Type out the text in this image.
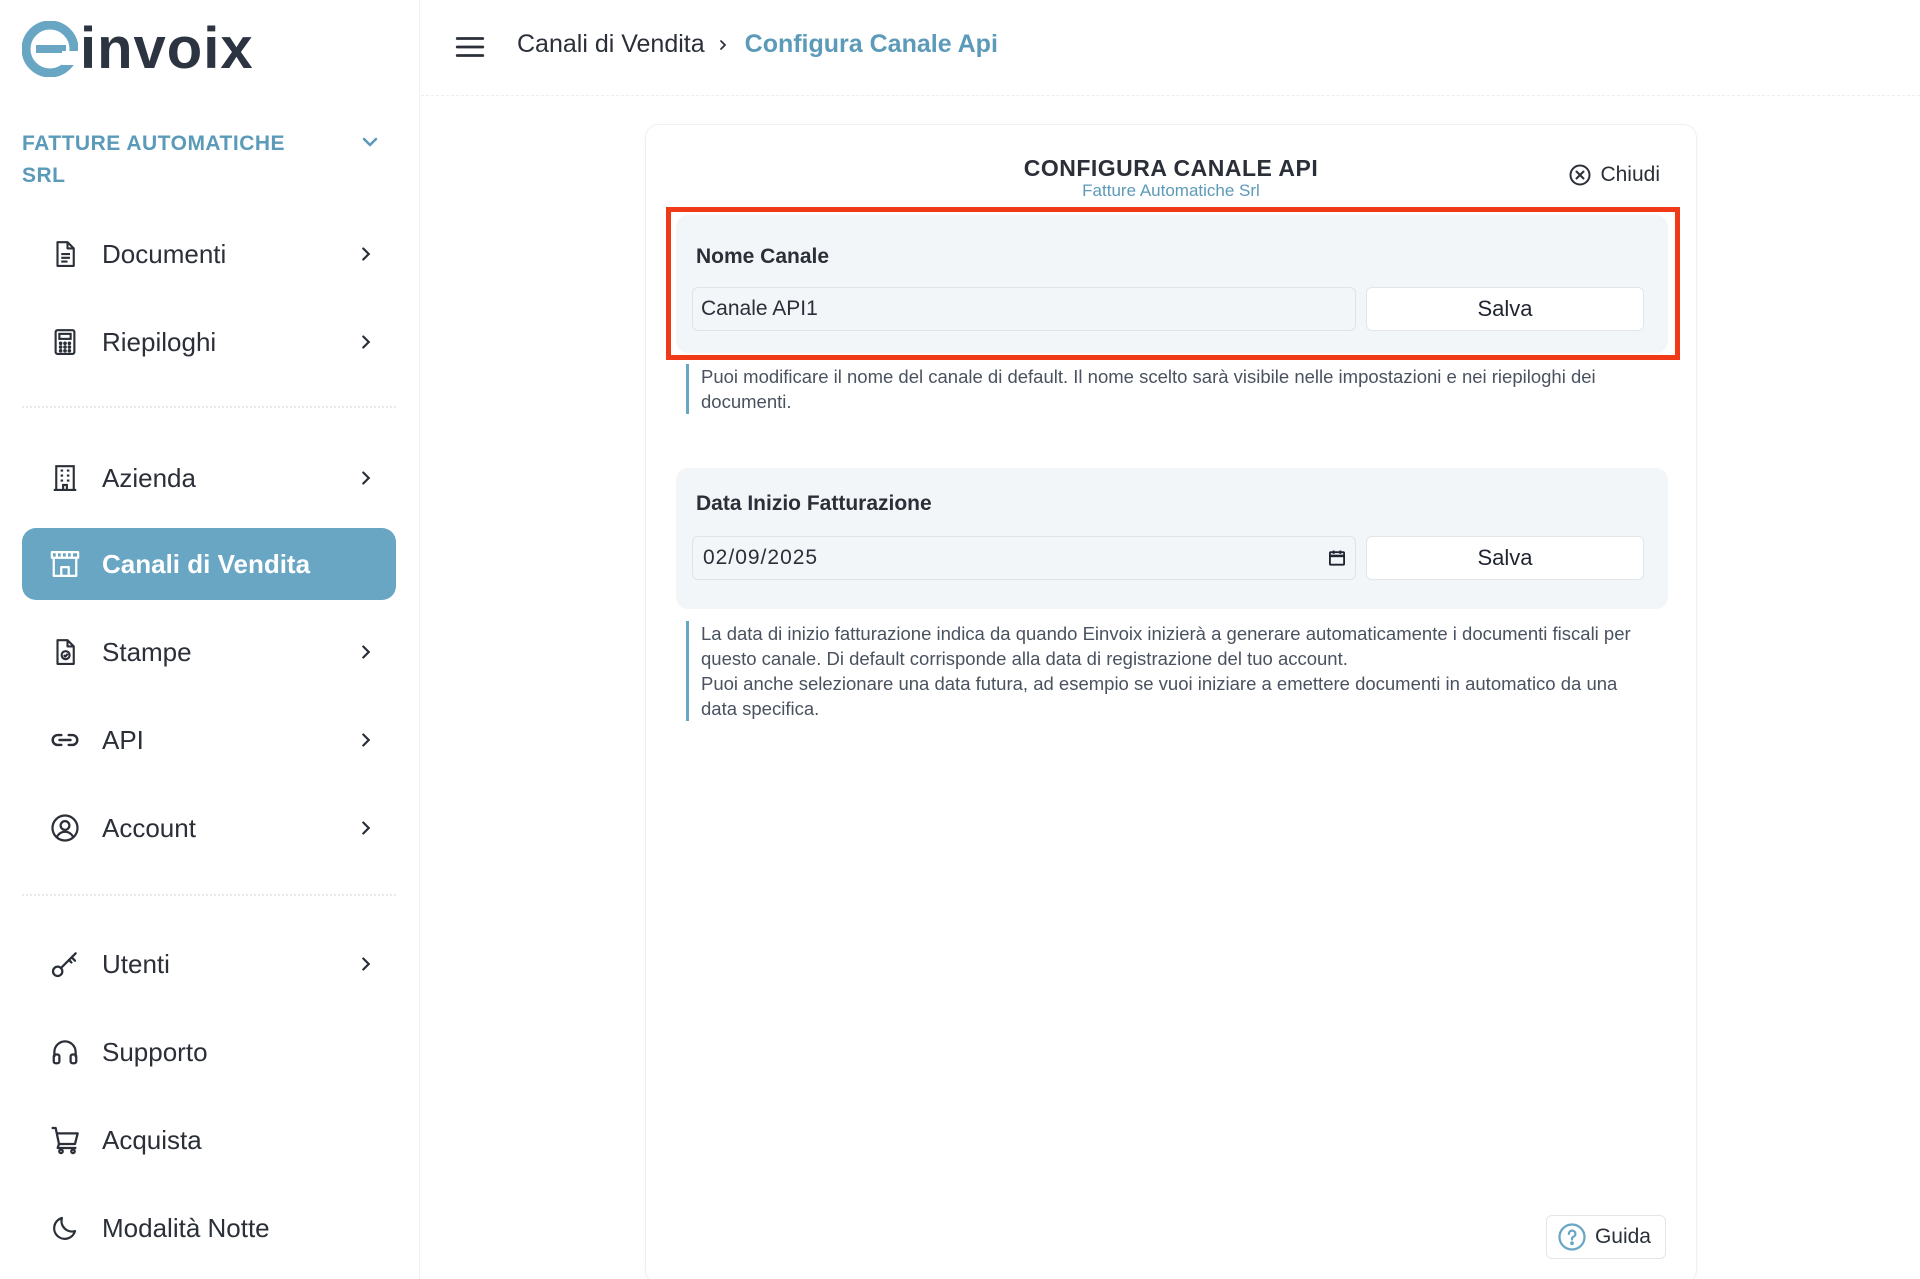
invoix
FATTURE AUTOMATICHE SRL
Documenti
Riepiloghi
Azienda
Canali di Vendita
Stampe
API
Account
Utenti
Supporto
Acquista
Modalità Notte
Canali di Vendita Configura Canale Api
CONFIGURA CANALE API
Fatture Automatiche Srl
Chiudi
Nome Canale
Canale API1
Salva
Puoi modificare il nome del canale di default. Il nome scelto sarà visibile nelle impostazioni e nei riepiloghi dei documenti.
Data Inizio Fatturazione
02/09/2025	Salva
La data di inizio fatturazione indica da quando Einvoix inizierà a generare automaticamente i documenti fiscali per questo canale. Di default corrisponde alla data di registrazione del tuo account.
Puoi anche selezionare una data futura, ad esempio se vuoi iniziare a emettere documenti in automatico da una data specifica.
Guida
